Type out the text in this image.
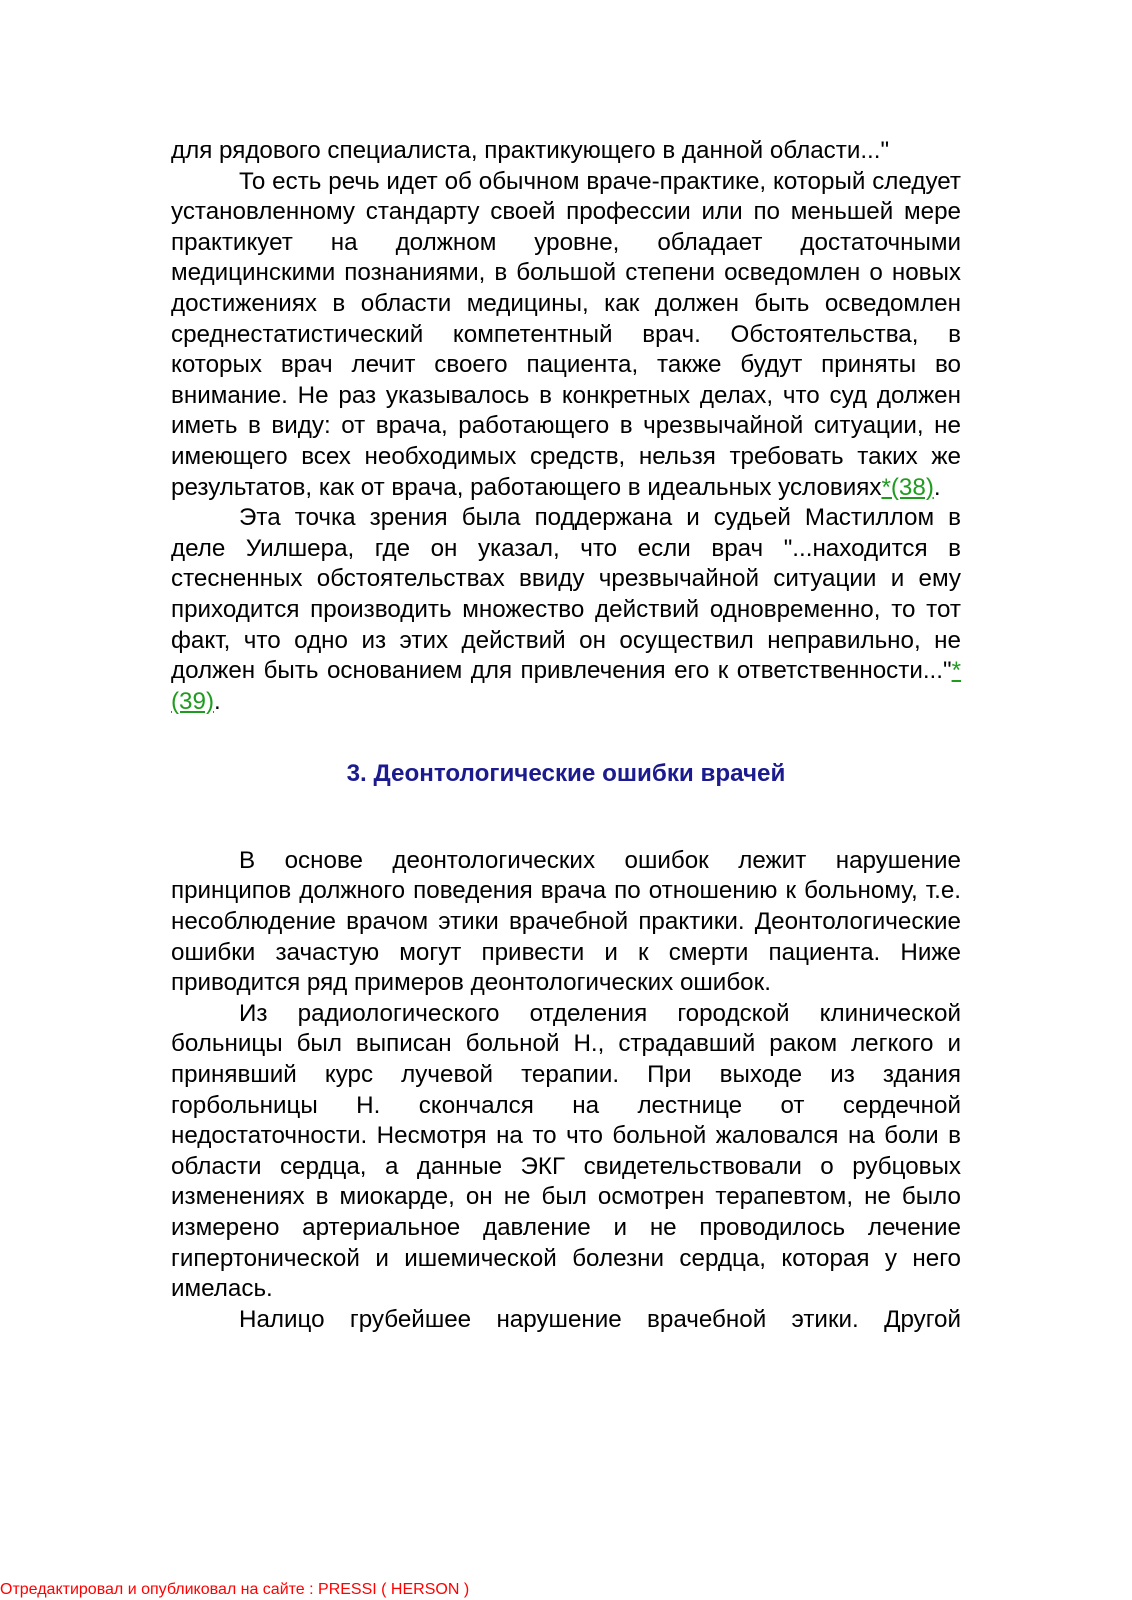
для рядового специалиста, практикующего в данной области..."

То есть речь идет об обычном враче-практике, который следует установленному стандарту своей профессии или по меньшей мере практикует на должном уровне, обладает достаточными медицинскими познаниями, в большой степени осведомлен о новых достижениях в области медицины, как должен быть осведомлен среднестатистический компетентный врач. Обстоятельства, в которых врач лечит своего пациента, также будут приняты во внимание. Не раз указывалось в конкретных делах, что суд должен иметь в виду: от врача, работающего в чрезвычайной ситуации, не имеющего всех необходимых средств, нельзя требовать таких же результатов, как от врача, работающего в идеальных условиях*(38).

Эта точка зрения была поддержана и судьей Мастиллом в деле Уилшера, где он указал, что если врач "...находится в стесненных обстоятельствах ввиду чрезвычайной ситуации и ему приходится производить множество действий одновременно, то тот факт, что одно из этих действий он осуществил неправильно, не должен быть основанием для привлечения его к ответственности..."*(39).

3. Деонтологические ошибки врачей

В основе деонтологических ошибок лежит нарушение принципов должного поведения врача по отношению к больному, т.е. несоблюдение врачом этики врачебной практики. Деонтологические ошибки зачастую могут привести и к смерти пациента. Ниже приводится ряд примеров деонтологических ошибок.

Из радиологического отделения городской клинической больницы был выписан больной Н., страдавший раком легкого и принявший курс лучевой терапии. При выходе из здания горбольницы Н. скончался на лестнице от сердечной недостаточности. Несмотря на то что больной жаловался на боли в области сердца, а данные ЭКГ свидетельствовали о рубцовых изменениях в миокарде, он не был осмотрен терапевтом, не было измерено артериальное давление и не проводилось лечение гипертонической и ишемической болезни сердца, которая у него имелась.

Налицо грубейшее нарушение врачебной этики. Другой

Отредактировал и опубликовал на сайте : PRESSI ( HERSON )
